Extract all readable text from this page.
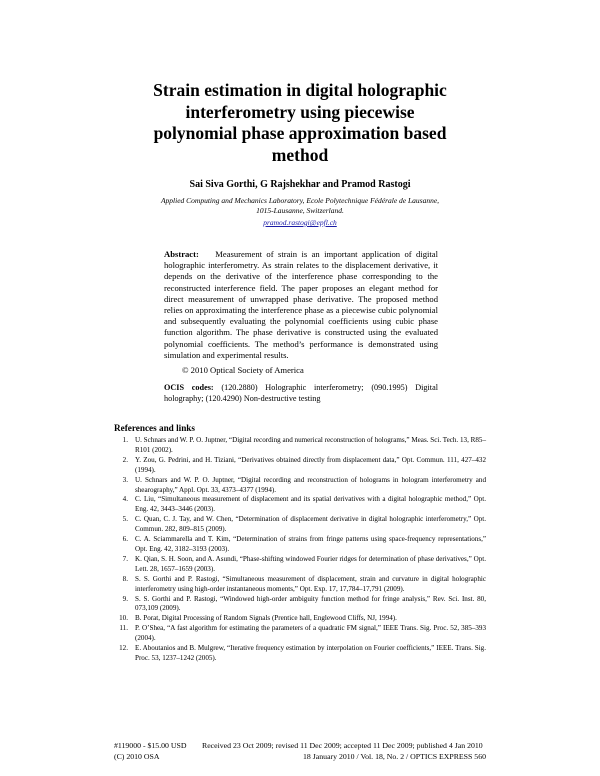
Strain estimation in digital holographic
interferometry using piecewise
polynomial phase approximation based
method
Sai Siva Gorthi, G Rajshekhar and Pramod Rastogi
Applied Computing and Mechanics Laboratory, Ecole Polytechnique Fédérale de Lausanne,
1015-Lausanne, Switzerland.
pramod.rastogi@epfl.ch
Abstract: Measurement of strain is an important application of digital holographic interferometry. As strain relates to the displacement derivative, it depends on the derivative of the interference phase corresponding to the reconstructed interference field. The paper proposes an elegant method for direct measurement of unwrapped phase derivative. The proposed method relies on approximating the interference phase as a piecewise cubic polynomial and subsequently evaluating the polynomial coefficients using cubic phase function algorithm. The phase derivative is constructed using the evaluated polynomial coefficients. The method’s performance is demonstrated using simulation and experimental results.
© 2010 Optical Society of America
OCIS codes: (120.2880) Holographic interferometry; (090.1995) Digital holography; (120.4290) Non-destructive testing
References and links
1. U. Schnars and W. P. O. Juptner, “Digital recording and numerical reconstruction of holograms,” Meas. Sci. Tech. 13, R85–R101 (2002).
2. Y. Zou, G. Pedrini, and H. Tiziani, “Derivatives obtained directly from displacement data,” Opt. Commun. 111, 427–432 (1994).
3. U. Schnars and W. P. O. Juptner, “Digital recording and reconstruction of holograms in hologram interferometry and shearography,” Appl. Opt. 33, 4373–4377 (1994).
4. C. Liu, “Simultaneous measurement of displacement and its spatial derivatives with a digital holographic method,” Opt. Eng. 42, 3443–3446 (2003).
5. C. Quan, C. J. Tay, and W. Chen, “Determination of displacement derivative in digital holographic interferometry,” Opt. Commun. 282, 809–815 (2009).
6. C. A. Sciammarella and T. Kim, “Determination of strains from fringe patterns using space-frequency representations,” Opt. Eng. 42, 3182–3193 (2003).
7. K. Qian, S. H. Soon, and A. Asundi, “Phase-shifting windowed Fourier ridges for determination of phase derivatives,” Opt. Lett. 28, 1657–1659 (2003).
8. S. S. Gorthi and P. Rastogi, “Simultaneous measurement of displacement, strain and curvature in digital holographic interferometry using high-order instantaneous moments,” Opt. Exp. 17, 17,784–17,791 (2009).
9. S. S. Gorthi and P. Rastogi, “Windowed high-order ambiguity function method for fringe analysis,” Rev. Sci. Inst. 80, 073,109 (2009).
10. B. Porat, Digital Processing of Random Signals (Prentice hall, Englewood Cliffs, NJ, 1994).
11. P. O’Shea, “A fast algorithm for estimating the parameters of a quadratic FM signal,” IEEE Trans. Sig. Proc. 52, 385–393 (2004).
12. E. Aboutanios and B. Mulgrew, “Iterative frequency estimation by interpolation on Fourier coefficients,” IEEE. Trans. Sig. Proc. 53, 1237–1242 (2005).
#119000 - $15.00 USD Received 23 Oct 2009; revised 11 Dec 2009; accepted 11 Dec 2009; published 4 Jan 2010
(C) 2010 OSA	18 January 2010 / Vol. 18, No. 2 / OPTICS EXPRESS 560
